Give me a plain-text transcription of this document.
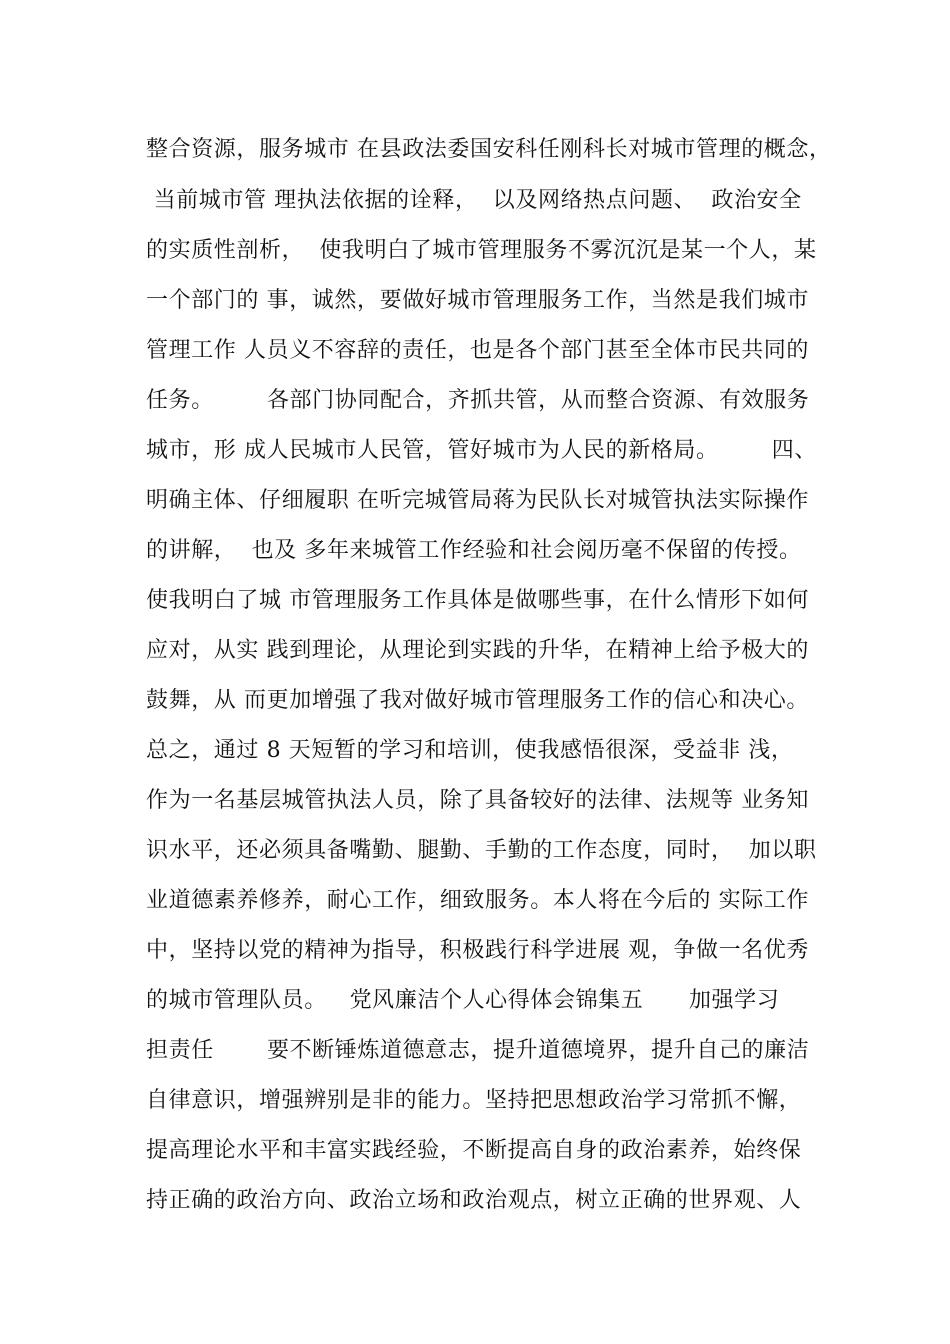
整合资源，服务城市 在县政法委国安科任刚科长对城市管理的概念，
当前城市管 理执法依据的诠释，  以及网络热点问题、  政治安全
的实质性剖析，  使我明白了城市管理服务不雾沉沉是某一个人，某
一个部门的 事，诚然，要做好城市管理服务工作，当然是我们城市
管理工作 人员义不容辞的责任，也是各个部门甚至全体市民共同的
任务。       各部门协同配合，齐抓共管，从而整合资源、有效服务
城市，形 成人民城市人民管，管好城市为人民的新格局。       四、
明确主体、仔细履职 在听完城管局蒋为民队长对城管执法实际操作
的讲解，  也及 多年来城管工作经验和社会阅历毫不保留的传授。
使我明白了城 市管理服务工作具体是做哪些事，在什么情形下如何
应对，从实 践到理论，从理论到实践的升华，在精神上给予极大的
鼓舞，从 而更加增强了我对做好城市管理服务工作的信心和决心。
总之，通过 8 天短暂的学习和培训，使我感悟很深，受益非 浅，
作为一名基层城管执法人员，除了具备较好的法律、法规等 业务知
识水平，还必须具备嘴勤、腿勤、手勤的工作态度，同时，  加以职
业道德素养修养，耐心工作，细致服务。本人将在今后的 实际工作
中，坚持以党的精神为指导，积极践行科学进展 观，争做一名优秀
的城市管理队员。   党风廉洁个人心得体会锦集五      加强学习
担责任       要不断锤炼道德意志，提升道德境界，提升自己的廉洁
自律意识，增强辨别是非的能力。坚持把思想政治学习常抓不懈，
提高理论水平和丰富实践经验，不断提高自身的政治素养，始终保
持正确的政治方向、政治立场和政治观点，树立正确的世界观、人
